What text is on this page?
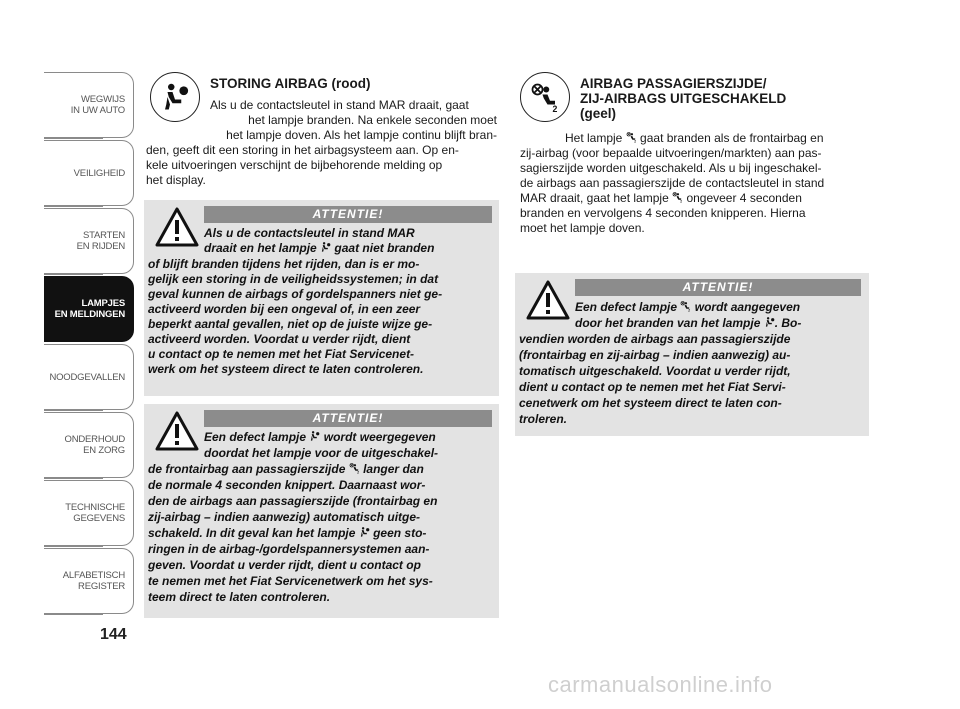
WEGWIJS
IN UW AUTO
VEILIGHEID
STARTEN
EN RIJDEN
LAMPJES
EN MELDINGEN
NOODGEVALLEN
ONDERHOUD
EN ZORG
TECHNISCHE
GEGEVENS
ALFABETISCH
REGISTER
144
STORING AIRBAG (rood)
Als u de contactsleutel in stand MAR draait, gaat
het lampje branden. Na enkele seconden moet
het lampje doven. Als het lampje continu blijft bran-
den, geeft dit een storing in het airbagsysteem aan. Op en-
kele uitvoeringen verschijnt de bijbehorende melding op
het display.
ATTENTIE!
Als u de contactsleutel in stand MAR
draait en het lampje gaat niet branden
of blijft branden tijdens het rijden, dan is er mo-
gelijk een storing in de veiligheidssystemen; in dat
geval kunnen de airbags of gordelspanners niet ge-
activeerd worden bij een ongeval of, in een zeer
beperkt aantal gevallen, niet op de juiste wijze ge-
activeerd worden. Voordat u verder rijdt, dient
u contact op te nemen met het Fiat Servicenet-
werk om het systeem direct te laten controleren.
ATTENTIE!
Een defect lampje wordt weergegeven
doordat het lampje voor de uitgeschakel-
de frontairbag aan passagierszijde langer dan
de normale 4 seconden knippert. Daarnaast wor-
den de airbags aan passagierszijde (frontairbag en
zij-airbag – indien aanwezig) automatisch uitge-
schakeld. In dit geval kan het lampje geen sto-
ringen in de airbag-/gordelspannersystemen aan-
geven. Voordat u verder rijdt, dient u contact op
te nemen met het Fiat Servicenetwerk om het sys-
teem direct te laten controleren.
AIRBAG PASSAGIERSZIJDE/
ZIJ-AIRBAGS UITGESCHAKELD
(geel)
Het lampje gaat branden als de frontairbag en
zij-airbag (voor bepaalde uitvoeringen/markten) aan pas-
sagierszijde worden uitgeschakeld. Als u bij ingeschakel-
de airbags aan passagierszijde de contactsleutel in stand
MAR draait, gaat het lampje ongeveer 4 seconden
branden en vervolgens 4 seconden knipperen. Hierna
moet het lampje doven.
ATTENTIE!
Een defect lampje wordt aangegeven
door het branden van het lampje . Bo-
vendien worden de airbags aan passagierszijde
(frontairbag en zij-airbag – indien aanwezig) au-
tomatisch uitgeschakeld. Voordat u verder rijdt,
dient u contact op te nemen met het Fiat Servi-
cenetwerk om het systeem direct te laten con-
troleren.
carmanualsonline.info
